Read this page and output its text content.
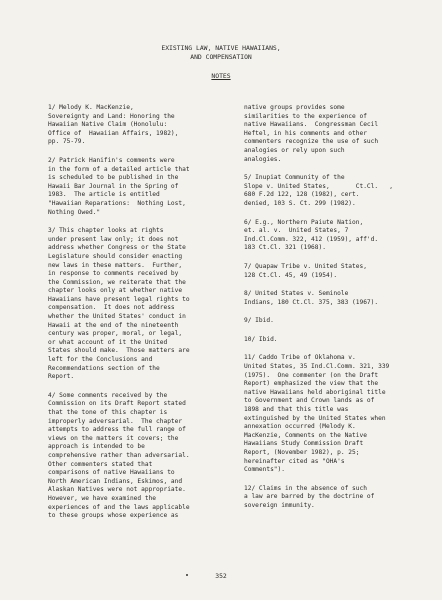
EXISTING LAW, NATIVE HAWAIIANS,
AND COMPENSATION
NOTES

1/ Melody K. MacKenzie,
Sovereignty and Land: Honoring the
Hawaiian Native Claim (Honolulu:
Office of  Hawaiian Affairs, 1982),
pp. 75-79.

2/ Patrick Hanifin's comments were
in the form of a detailed article that
is scheduled to be published in the
Hawaii Bar Journal in the Spring of
1983.  The article is entitled
"Hawaiian Reparations:  Nothing Lost,
Nothing Owed."

3/ This chapter looks at rights
under present law only; it does not
address whether Congress or the State
Legislature should consider enacting
new laws in these matters.  Further,
in response to comments received by
the Commission, we reiterate that the
chapter looks only at whether native
Hawaiians have present legal rights to
compensation.  It does not address
whether the United States' conduct in
Hawaii at the end of the nineteenth
century was proper, moral, or legal,
or what account of it the United
States should make.  Those matters are
left for the Conclusions and
Recommendations section of the
Report.

4/ Some comments received by the
Commission on its Draft Report stated
that the tone of this chapter is
improperly adversarial.  The chapter
attempts to address the full range of
views on the matters it covers; the
approach is intended to be
comprehensive rather than adversarial.
Other commenters stated that
comparisons of native Hawaiians to
North American Indians, Eskimos, and
Alaskan Natives were not appropriate.
However, we have examined the
experiences of and the laws applicable
to these groups whose experience as

native groups provides some
similarities to the experience of
native Hawaiians.  Congressman Cecil
Heftel, in his comments and other
commenters recognize the use of such
analogies or rely upon such
analogies.

5/ Inupiat Community of the
Slope v. United States,       Ct.Cl.   ,
680 F.2d 122, 128 (1982), cert.
denied, 103 S. Ct. 299 (1982).

6/ E.g., Northern Paiute Nation,
et. al. v.  United States, 7
Ind.Cl.Comm. 322, 412 (1959), aff'd.
183 Ct.Cl. 321 (1968).

7/ Quapaw Tribe v. United States,
128 Ct.Cl. 45, 49 (1954).

8/ United States v. Seminole
Indians, 180 Ct.Cl. 375, 383 (1967).

9/ Ibid.

10/ Ibid.

11/ Caddo Tribe of Oklahoma v.
United States, 35 Ind.Cl.Comm. 321, 339
(1975).  One commenter (on the Draft
Report) emphasized the view that the
native Hawaiians held aboriginal title
to Government and Crown lands as of
1898 and that this title was
extinguished by the United States when
annexation occurred (Melody K.
MacKenzie, Comments on the Native
Hawaiians Study Commission Draft
Report, (November 1982), p. 25;
hereinafter cited as "OHA's
Comments").

12/ Claims in the absence of such
a law are barred by the doctrine of
sovereign immunity.

352
